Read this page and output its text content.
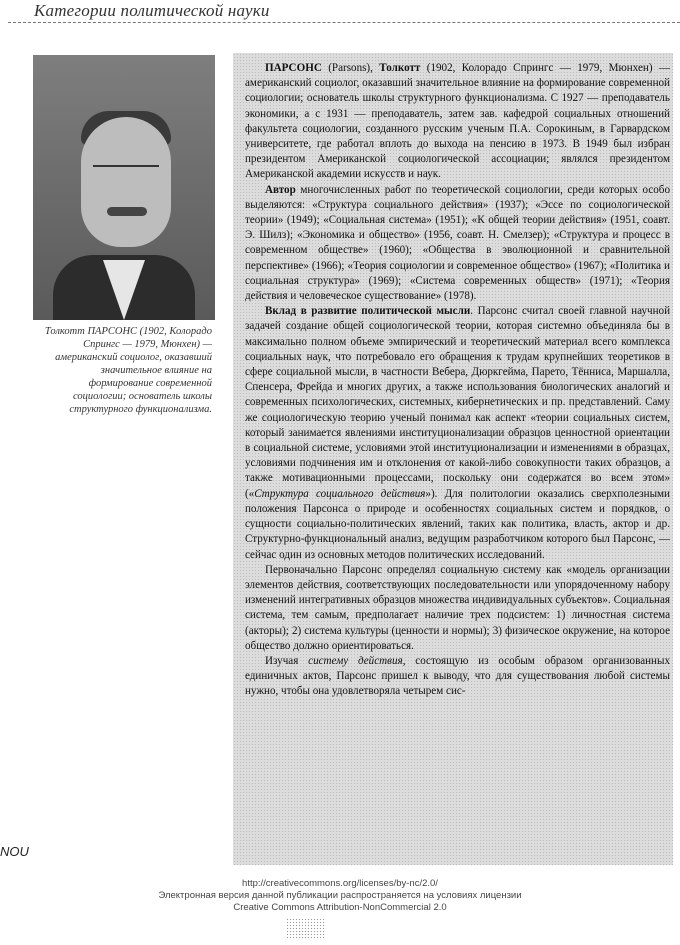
Категории политической науки
Толкотт ПАРСОНС (1902, Колорадо Спрингс — 1979, Мюнхен) — американский социолог, оказавший значительное влияние на формирование современной социологии; основатель школы структурного функционализма.

ПАРСОНС (Parsons), Толкотт (1902, Колорадо Спрингс — 1979, Мюнхен) — американский социолог, оказавший значительное влияние на формирование современной социологии; основатель школы структурного функционализма. С 1927 — преподаватель экономики, а с 1931 — преподаватель, затем зав. кафедрой социальных отношений факультета социологии, созданного русским ученым П.А. Сорокиным, в Гарвардском университете, где работал вплоть до выхода на пенсию в 1973. В 1949 был избран президентом Американской социологической ассоциации; являлся президентом Американской академии искусств и наук.

Автор многочисленных работ по теоретической социологии, среди которых особо выделяются: «Структура социального действия» (1937); «Эссе по социологической теории» (1949); «Социальная система» (1951); «К общей теории действия» (1951, соавт. Э. Шилз); «Экономика и общество» (1956, соавт. Н. Смелзер); «Структура и процесс в современном обществе» (1960); «Общества в эволюционной и сравнительной перспективе» (1966); «Теория социологии и современное общество» (1967); «Политика и социальная структура» (1969); «Система современных обществ» (1971); «Теория действия и человеческое существование» (1978).

Вклад в развитие политической мысли. Парсонс считал своей главной научной задачей создание общей социологической теории, которая системно объединяла бы в максимально полном объеме эмпирический и теоретический материал всего комплекса социальных наук, что потребовало его обращения к трудам крупнейших теоретиков в сфере социальной мысли, в частности Вебера, Дюркгейма, Парето, Тённиса, Маршалла, Спенсера, Фрейда и многих других, а также использования биологических аналогий и современных психологических, системных, кибернетических и пр. представлений. Саму же социологическую теорию ученый понимал как аспект «теории социальных систем, который занимается явлениями институционализации образцов ценностной ориентации в социальной системе, условиями этой институционализации и изменениями в образцах, условиями подчинения им и отклонения от какой-либо совокупности таких образцов, а также мотивационными процессами, поскольку они содержатся во всем этом» («Структура социального действия»). Для политологии оказались сверхполезными положения Парсонса о природе и особенностях социальных систем и порядков, о сущности социально-политических явлений, таких как политика, власть, актор и др. Структурно-функциональный анализ, ведущим разработчиком которого был Парсонс, — сейчас один из основных методов политических исследований.

Первоначально Парсонс определял социальную систему как «модель организации элементов действия, соответствующих последовательности или упорядоченному набору изменений интегративных образцов множества индивидуальных субъектов». Социальная система, тем самым, предполагает наличие трех подсистем: 1) личностная система (акторы); 2) система культуры (ценности и нормы); 3) физическое окружение, на которое общество должно ориентироваться.

Изучая систему действия, состоящую из особым образом организованных единичных актов, Парсонс пришел к выводу, что для существования любой системы нужно, чтобы она удовлетворяла четырем сис-

NOU
http://creativecommons.org/licenses/by-nc/2.0/
Электронная версия данной публикации распространяется на условиях лицензии
Creative Commons Attribution-NonCommercial 2.0
